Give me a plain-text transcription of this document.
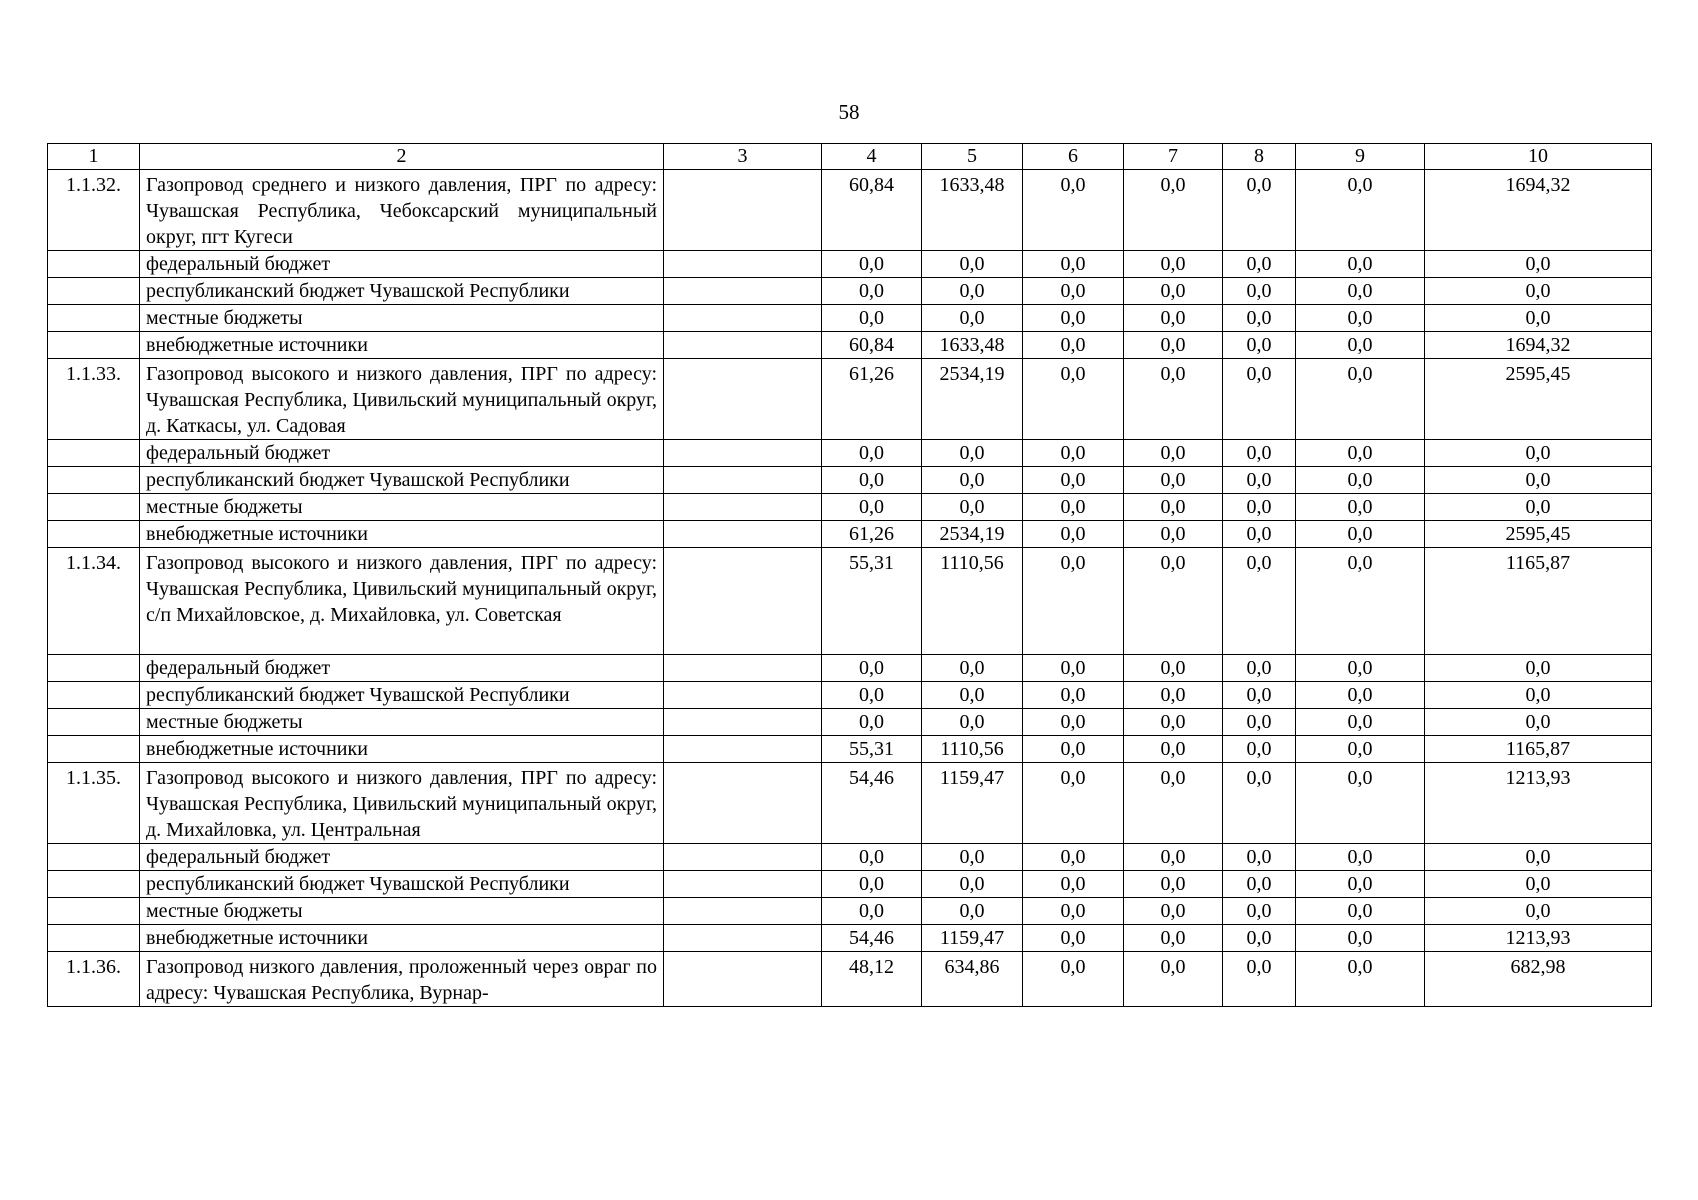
58
1	2	3	4	5	6	7	8	9	10
1.1.32.	Газопровод среднего и низкого давления, ПРГ по адресу: Чувашская Республика, Чебоксарский муниципальный округ, пгт Кугеси		60,84	1633,48	0,0	0,0	0,0	0,0	1694,32
	федеральный бюджет		0,0	0,0	0,0	0,0	0,0	0,0	0,0
	республиканский бюджет Чувашской Республики		0,0	0,0	0,0	0,0	0,0	0,0	0,0
	местные бюджеты		0,0	0,0	0,0	0,0	0,0	0,0	0,0
	внебюджетные источники		60,84	1633,48	0,0	0,0	0,0	0,0	1694,32
1.1.33.	Газопровод высокого и низкого давления, ПРГ по адресу: Чувашская Республика, Цивильский муниципальный округ, д. Каткасы, ул. Садовая		61,26	2534,19	0,0	0,0	0,0	0,0	2595,45
	федеральный бюджет		0,0	0,0	0,0	0,0	0,0	0,0	0,0
	республиканский бюджет Чувашской Республики		0,0	0,0	0,0	0,0	0,0	0,0	0,0
	местные бюджеты		0,0	0,0	0,0	0,0	0,0	0,0	0,0
	внебюджетные источники		61,26	2534,19	0,0	0,0	0,0	0,0	2595,45
1.1.34.	Газопровод высокого и низкого давления, ПРГ по адресу: Чувашская Республика, Цивильский муниципальный округ, с/п Михайловское, д. Михайловка, ул. Советская		55,31	1110,56	0,0	0,0	0,0	0,0	1165,87
	федеральный бюджет		0,0	0,0	0,0	0,0	0,0	0,0	0,0
	республиканский бюджет Чувашской Республики		0,0	0,0	0,0	0,0	0,0	0,0	0,0
	местные бюджеты		0,0	0,0	0,0	0,0	0,0	0,0	0,0
	внебюджетные источники		55,31	1110,56	0,0	0,0	0,0	0,0	1165,87
1.1.35.	Газопровод высокого и низкого давления, ПРГ по адресу: Чувашская Республика, Цивильский муниципальный округ, д. Михайловка, ул. Центральная		54,46	1159,47	0,0	0,0	0,0	0,0	1213,93
	федеральный бюджет		0,0	0,0	0,0	0,0	0,0	0,0	0,0
	республиканский бюджет Чувашской Республики		0,0	0,0	0,0	0,0	0,0	0,0	0,0
	местные бюджеты		0,0	0,0	0,0	0,0	0,0	0,0	0,0
	внебюджетные источники		54,46	1159,47	0,0	0,0	0,0	0,0	1213,93
1.1.36.	Газопровод низкого давления, проложенный через овраг по адресу: Чувашская Республика, Вурнар-		48,12	634,86	0,0	0,0	0,0	0,0	682,98
